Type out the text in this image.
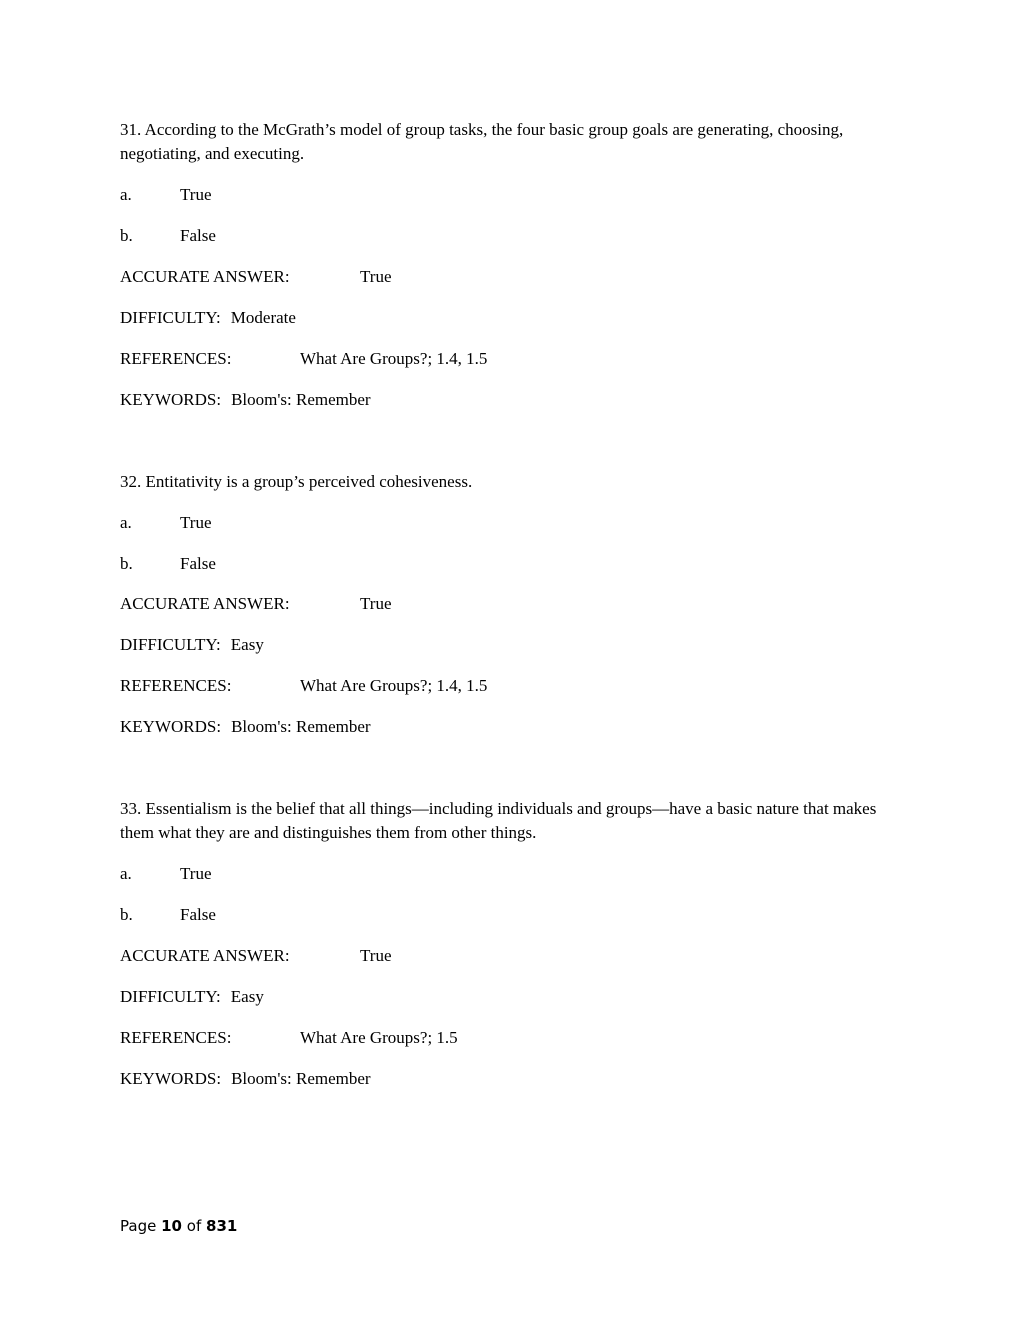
31. According to the McGrath’s model of group tasks, the four basic group goals are generating, choosing, negotiating, and executing.

a.	True
b.	False
ACCURATE ANSWER:	True
DIFFICULTY: Moderate
REFERENCES:	What Are Groups?; 1.4, 1.5
KEYWORDS: Bloom's: Remember

32. Entitativity is a group’s perceived cohesiveness.

a.	True
b.	False
ACCURATE ANSWER:	True
DIFFICULTY: Easy
REFERENCES:	What Are Groups?; 1.4, 1.5
KEYWORDS: Bloom's: Remember

33. Essentialism is the belief that all things—including individuals and groups—have a basic nature that makes them what they are and distinguishes them from other things.

a.	True
b.	False
ACCURATE ANSWER:	True
DIFFICULTY: Easy
REFERENCES:	What Are Groups?; 1.5
KEYWORDS: Bloom's: Remember
Page 10 of 831
